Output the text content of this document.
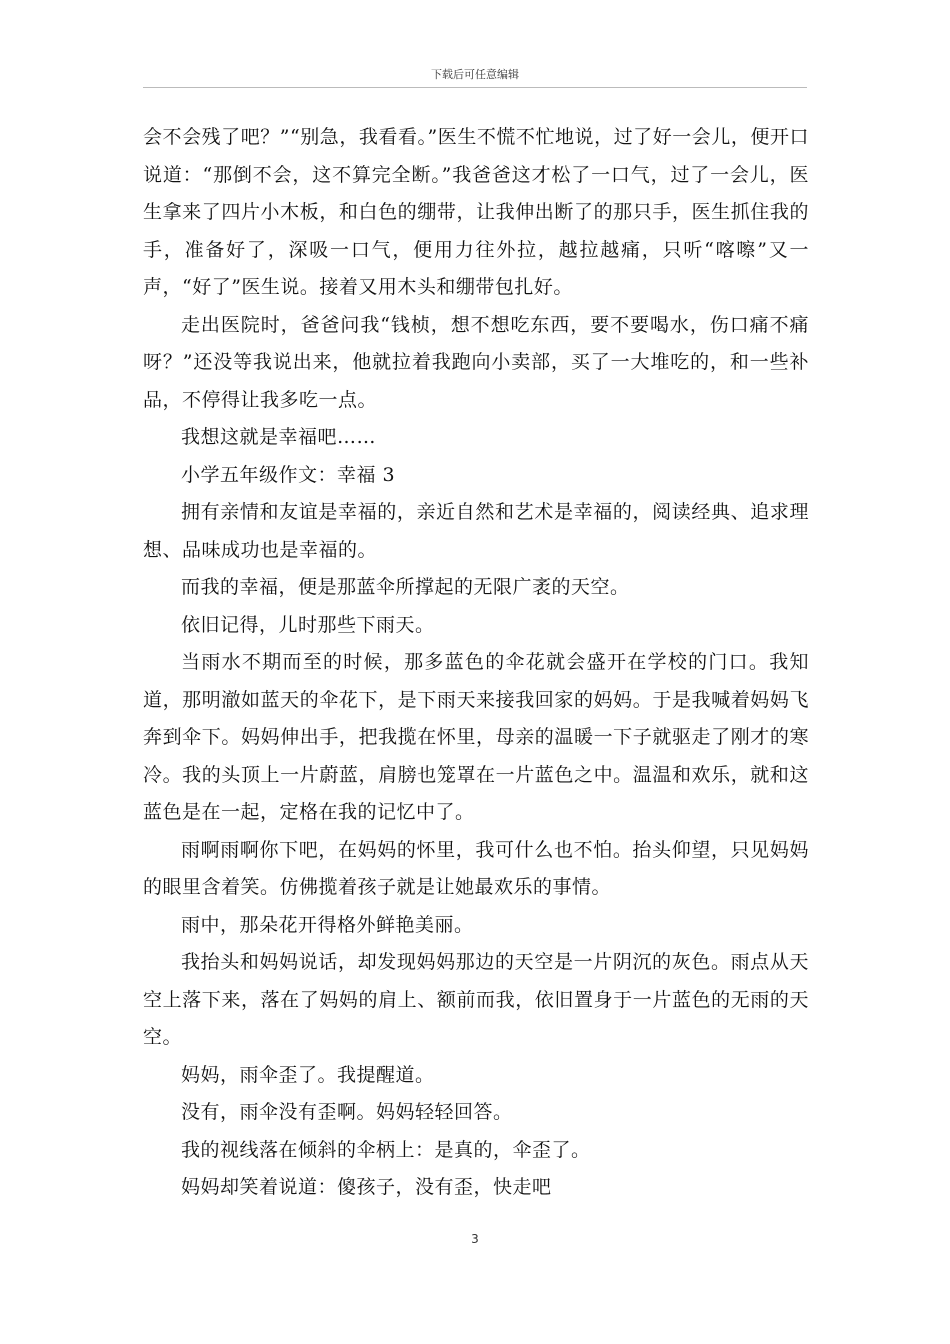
下载后可任意编辑

会不会残了吧？”“别急，我看看。”医生不慌不忙地说，过了好一会儿，便开口说道：“那倒不会，这不算完全断。”我爸爸这才松了一口气，过了一会儿，医生拿来了四片小木板，和白色的绷带，让我伸出断了的那只手，医生抓住我的手，准备好了，深吸一口气，便用力往外拉，越拉越痛，只听“喀嚓”又一声，“好了”医生说。接着又用木头和绷带包扎好。

走出医院时，爸爸问我“钱桢，想不想吃东西，要不要喝水，伤口痛不痛呀？”还没等我说出来，他就拉着我跑向小卖部，买了一大堆吃的，和一些补品，不停得让我多吃一点。

我想这就是幸福吧……

小学五年级作文：幸福 3

拥有亲情和友谊是幸福的，亲近自然和艺术是幸福的，阅读经典、追求理想、品味成功也是幸福的。

而我的幸福，便是那蓝伞所撑起的无限广袤的天空。

依旧记得，儿时那些下雨天。

当雨水不期而至的时候，那多蓝色的伞花就会盛开在学校的门口。我知道，那明澈如蓝天的伞花下，是下雨天来接我回家的妈妈。于是我喊着妈妈飞奔到伞下。妈妈伸出手，把我揽在怀里，母亲的温暖一下子就驱走了刚才的寒冷。我的头顶上一片蔚蓝，肩膀也笼罩在一片蓝色之中。温温和欢乐，就和这蓝色是在一起，定格在我的记忆中了。

雨啊雨啊你下吧，在妈妈的怀里，我可什么也不怕。抬头仰望，只见妈妈的眼里含着笑。仿佛揽着孩子就是让她最欢乐的事情。

雨中，那朵花开得格外鲜艳美丽。

我抬头和妈妈说话，却发现妈妈那边的天空是一片阴沉的灰色。雨点从天空上落下来，落在了妈妈的肩上、额前而我，依旧置身于一片蓝色的无雨的天空。

妈妈，雨伞歪了。我提醒道。

没有，雨伞没有歪啊。妈妈轻轻回答。

我的视线落在倾斜的伞柄上：是真的，伞歪了。

妈妈却笑着说道：傻孩子，没有歪，快走吧

3
